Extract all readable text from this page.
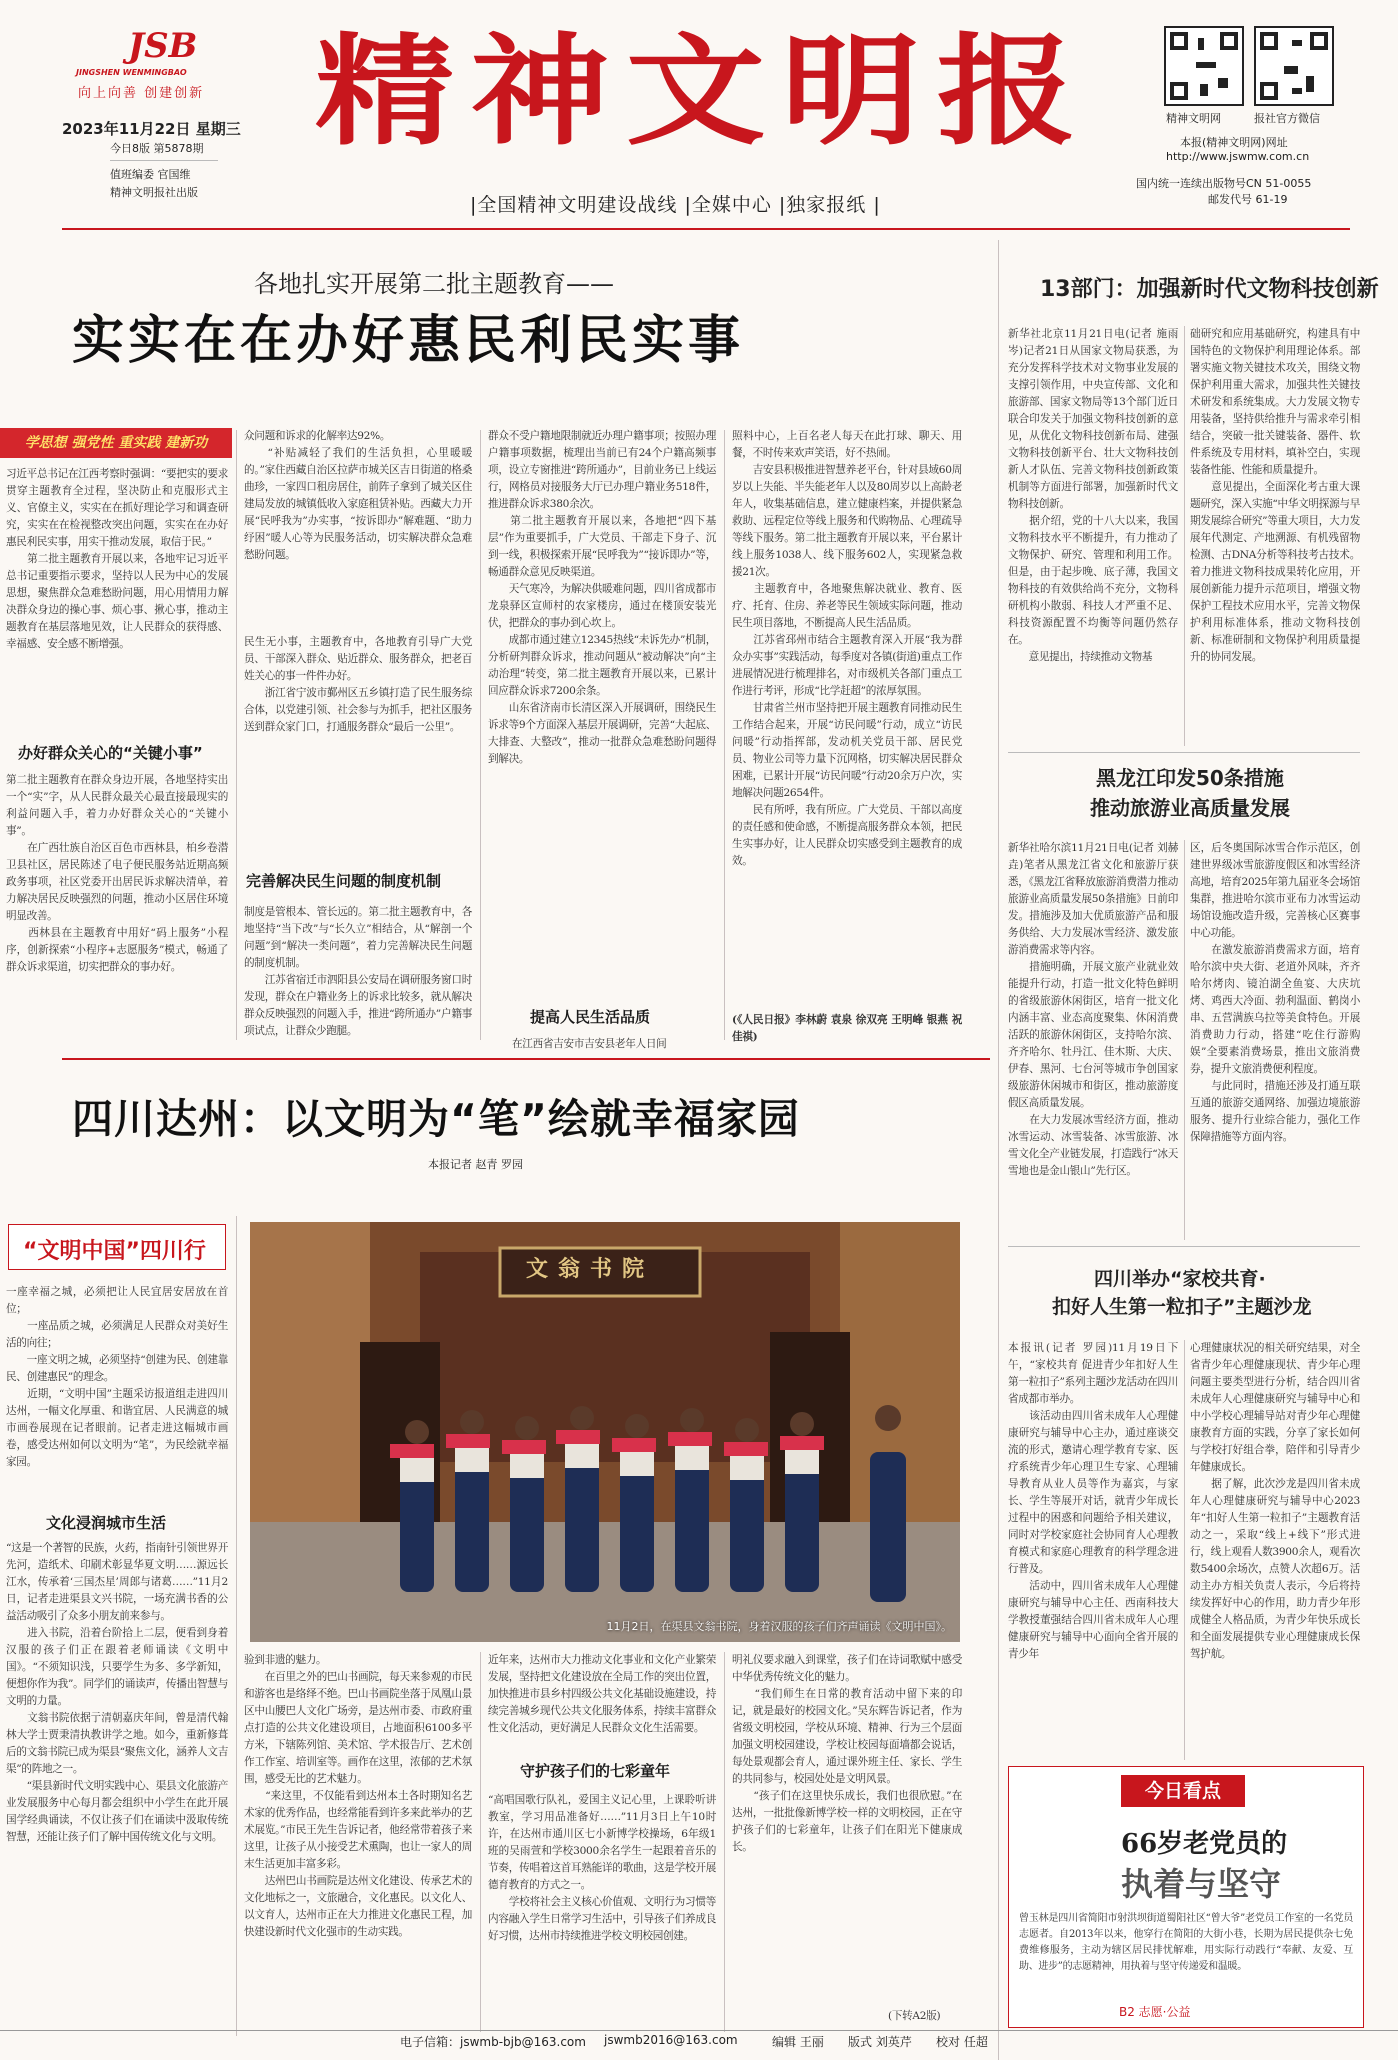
JSB
JINGSHEN WENMINGBAO
向上向善 创建创新 精神文明报
2023年11月22日 星期三
今日8版 第5878期
值班编委 官国维
精神文明报社出版
精神文明网	报社官方微信
本报(精神文明网)网址
http://www.jswmw.com.cn
国内统一连续出版物号CN 51-0055
邮发代号 61-19
|全国精神文明建设战线 |全媒中心 |独家报纸 |
各地扎实开展第二批主题教育——
实实在在办好惠民利民实事
学思想 强党性 重实践 建新功
习近平总书记在江西考察时强调：“要把实的要求贯穿主题教育全过程，坚决防止和克服形式主义、官僚主义，实实在在抓好理论学习和调查研究，实实在在检视整改突出问题，实实在在办好惠民利民实事，用实干推动发展，取信于民。”
　　第二批主题教育开展以来，各地牢记习近平总书记重要指示要求，坚持以人民为中心的发展思想，聚焦群众急难愁盼问题，用心用情用力解决群众身边的操心事、烦心事、揪心事，推动主题教育在基层落地见效，让人民群众的获得感、幸福感、安全感不断增强。
办好群众关心的“关键小事”
第二批主题教育在群众身边开展，各地坚持实出一个“实”字，从人民群众最关心最直接最现实的利益问题入手，着力办好群众关心的“关键小事”。
　　在广西壮族自治区百色市西林县，柏乡卷潜卫县社区，居民陈述了电子便民服务站近期高频政务事项，社区党委开出居民诉求解决清单，着力解决居民反映强烈的问题，推动小区居住环境明显改善。
　　西林县在主题教育中用好“码上服务”小程序，创新探索“小程序+志愿服务”模式，畅通了群众诉求渠道，切实把群众的事办好。
众问题和诉求的化解率达92%。
　　“补贴减轻了我们的生活负担，心里暖暖的。”家住西藏自治区拉萨市城关区吉日街道的格桑曲珍，一家四口租房居住，前阵子拿到了城关区住建局发放的城镇低收入家庭租赁补贴。西藏大力开展“民呼我为”办实事，“按诉即办”解难题、“助力纾困”暖人心等为民服务活动，切实解决群众急难愁盼问题。
民生无小事，主题教育中，各地教育引导广大党员、干部深入群众、贴近群众、服务群众，把老百姓关心的事一件件办好。
　　浙江省宁波市鄞州区五乡镇打造了民生服务综合体，以党建引领、社会参与为抓手，把社区服务送到群众家门口，打通服务群众“最后一公里”。
完善解决民生问题的制度机制
制度是管根本、管长远的。第二批主题教育中，各地坚持“当下改”与“长久立”相结合，从“解剖一个问题”到“解决一类问题”，着力完善解决民生问题的制度机制。
　　江苏省宿迁市泗阳县公安局在调研服务窗口时发现，群众在户籍业务上的诉求比较多，就从解决群众反映强烈的问题入手，推进“跨所通办”户籍事项试点，让群众少跑腿。
群众不受户籍地限制就近办理户籍事项；按照办理户籍事项数据，梳理出当前已有24个户籍高频事项，设立专窗推进“跨所通办”，目前业务已上线运行，网格员对接服务大厅已办理户籍业务518件，推进群众诉求380余次。
　　第二批主题教育开展以来，各地把“四下基层”作为重要抓手，广大党员、干部走下身子、沉到一线，积极探索开展“民呼我为”“接诉即办”等，畅通群众意见反映渠道。
　　天气寒冷，为解决供暖难问题，四川省成都市龙泉驿区宣师村的农家楼房，通过在楼顶安装光伏，把群众的事办到心坎上。
　　成都市通过建立12345热线“未诉先办”机制，分析研判群众诉求，推动问题从“被动解决”向“主动治理”转变，第二批主题教育开展以来，已累计回应群众诉求7200余条。
　　山东省济南市长清区深入开展调研，围绕民生诉求等9个方面深入基层开展调研，完善“大起底、大排查、大整改”，推动一批群众急难愁盼问题得到解决。
提高人民生活品质
在江西省吉安市吉安县老年人日间
照料中心，上百名老人每天在此打球、聊天、用餐，不时传来欢声笑语，好不热闹。
　　吉安县积极推进智慧养老平台，针对县域60周岁以上失能、半失能老年人以及80周岁以上高龄老年人，收集基础信息，建立健康档案，并提供紧急救助、远程定位等线上服务和代购物品、心理疏导等线下服务。第二批主题教育开展以来，平台累计线上服务1038人、线下服务602人，实现紧急救援21次。
　　主题教育中，各地聚焦解决就业、教育、医疗、托育、住房、养老等民生领域实际问题，推动民生项目落地，不断提高人民生活品质。
　　江苏省邳州市结合主题教育深入开展“我为群众办实事”实践活动，每季度对各镇(街道)重点工作进展情况进行梳理排名，对市级机关各部门重点工作进行考评，形成“比学赶超”的浓厚氛围。
　　甘肃省兰州市坚持把开展主题教育同推动民生工作结合起来，开展“访民问暖”行动，成立“访民问暖”行动指挥部，发动机关党员干部、居民党员、物业公司等力量下沉网格，切实解决居民群众困难，已累计开展“访民问暖”行动20余万户次，实地解决问题2654件。
　　民有所呼，我有所应。广大党员、干部以高度的责任感和使命感，不断提高服务群众本领，把民生实事办好，让人民群众切实感受到主题教育的成效。
(《人民日报》李林蔚 袁泉 徐双亮 王明峰 银燕 祝佳祺)
13部门：加强新时代文物科技创新
新华社北京11月21日电(记者 施雨岑)记者21日从国家文物局获悉，为充分发挥科学技术对文物事业发展的支撑引领作用，中央宣传部、文化和旅游部、国家文物局等13个部门近日联合印发关于加强文物科技创新的意见，从优化文物科技创新布局、建强文物科技创新平台、壮大文物科技创新人才队伍、完善文物科技创新政策机制等方面进行部署，加强新时代文物科技创新。
　　据介绍，党的十八大以来，我国文物科技水平不断提升，有力推动了文物保护、研究、管理和利用工作。但是，由于起步晚、底子薄，我国文物科技的有效供给尚不充分，文物科研机构小散弱、科技人才严重不足、科技资源配置不均衡等问题仍然存在。
　　意见提出，持续推动文物基
础研究和应用基础研究，构建具有中国特色的文物保护利用理论体系。部署实施文物关键技术攻关，围绕文物保护利用重大需求，加强共性关键技术研发和系统集成。大力发展文物专用装备，坚持供给推升与需求牵引相结合，突破一批关键装备、器件、软件系统及专用材料，填补空白，实现装备性能、性能和质量提升。
　　意见提出，全面深化考古重大课题研究，深入实施“中华文明探源与早期发展综合研究”等重大项目，大力发展年代测定、产地溯源、有机残留物检测、古DNA分析等科技考古技术。着力推进文物科技成果转化应用，开展创新能力提升示范项目，增强文物保护工程技术应用水平，完善文物保护利用标准体系，推动文物科技创新、标准研制和文物保护利用质量提升的协同发展。
黑龙江印发50条措施
推动旅游业高质量发展
新华社哈尔滨11月21日电(记者 刘赫垚)笔者从黑龙江省文化和旅游厅获悉，《黑龙江省释放旅游消费潜力推动旅游业高质量发展50条措施》日前印发。措施涉及加大优质旅游产品和服务供给、大力发展冰雪经济、激发旅游消费需求等内容。
　　措施明确，开展文旅产业就业效能提升行动，打造一批文化特色鲜明的省级旅游休闲街区，培育一批文化内涵丰富、业态高度聚集、休闲消费活跃的旅游休闲街区，支持哈尔滨、齐齐哈尔、牡丹江、佳木斯、大庆、伊春、黑河、七台河等城市争创国家级旅游休闲城市和街区，推动旅游度假区高质量发展。
　　在大力发展冰雪经济方面，推动冰雪运动、冰雪装备、冰雪旅游、冰雪文化全产业链发展，打造践行“冰天雪地也是金山银山”先行区。
区，后冬奥国际冰雪合作示范区，创建世界级冰雪旅游度假区和冰雪经济高地，培育2025年第九届亚冬会场馆集群，推进哈尔滨市亚布力冰雪运动场馆设施改造升级，完善核心区赛事中心功能。
　　在激发旅游消费需求方面，培育哈尔滨中央大街、老道外风味，齐齐哈尔烤肉、镜泊湖全鱼宴、大庆坑烤、鸡西大冷面、勃利温面、鹤岗小串、五营满族乌拉等美食特色。开展消费助力行动，搭建“吃住行游购娱”全要素消费场景，推出文旅消费券，提升文旅消费便利程度。
　　与此同时，措施还涉及打通互联互通的旅游交通网络、加强边境旅游服务、提升行业综合能力，强化工作保障措施等方面内容。
四川举办“家校共育·
扣好人生第一粒扣子”主题沙龙
本报讯(记者 罗园)11月19日下午，“家校共育 促进青少年扣好人生第一粒扣子”系列主题沙龙活动在四川省成都市举办。
　　该活动由四川省未成年人心理健康研究与辅导中心主办，通过座谈交流的形式，邀请心理学教育专家、医疗系统青少年心理卫生专家、心理辅导教育从业人员等作为嘉宾，与家长、学生等展开对话，就青少年成长过程中的困惑和问题给予相关建议，同时对学校家庭社会协同育人心理教育模式和家庭心理教育的科学理念进行普及。
　　活动中，四川省未成年人心理健康研究与辅导中心主任、西南科技大学教授董强结合四川省未成年人心理健康研究与辅导中心面向全省开展的青少年
心理健康状况的相关研究结果，对全省青少年心理健康现状、青少年心理问题主要类型进行分析，结合四川省未成年人心理健康研究与辅导中心和中小学校心理辅导站对青少年心理健康教育方面的实践，分享了家长如何与学校打好组合拳，陪伴和引导青少年健康成长。
　　据了解，此次沙龙是四川省未成年人心理健康研究与辅导中心2023年“扣好人生第一粒扣子”主题教育活动之一，采取“线上+线下”形式进行，线上观看人数3900余人，观看次数5400余场次，点赞人次超6万。活动主办方相关负责人表示，今后将持续发挥好中心的作用，助力青少年形成健全人格品质，为青少年快乐成长和全面发展提供专业心理健康成长保驾护航。
今日看点
66岁老党员的
执着与坚守
曾玉林是四川省简阳市射洪坝街道蜀阳社区“曾大爷”老党员工作室的一名党员志愿者。自2013年以来，他穿行在简阳的大街小巷，长期为居民提供杂七免费维修服务，主动为辖区居民排忧解难，用实际行动践行“奉献、友爱、互助、进步”的志愿精神，用执着与坚守传递爱和温暖。
B2 志愿·公益
四川达州：以文明为“笔”绘就幸福家园
本报记者 赵青 罗园
“文明中国”四川行
一座幸福之城，必须把让人民宜居安居放在首位；
　　一座品质之城，必须满足人民群众对美好生活的向往；
　　一座文明之城，必须坚持“创建为民、创建靠民、创建惠民”的理念。
　　近期，“文明中国”主题采访报道组走进四川达州，一幅文化厚重、和谐宜居、人民满意的城市画卷展现在记者眼前。记者走进这幅城市画卷，感受达州如何以文明为“笔”，为民绘就幸福家园。
文化浸润城市生活
“这是一个著智的民族，火药，指南针引领世界开先河，造纸术、印刷术彰显华夏文明……源远长江水，传承着‘三国杰星’周郎与诸葛……”11月2日，记者走进渠县文兴书院，一场充满书香的公益活动吸引了众多小朋友前来参与。
　　进入书院，沿着台阶拾上二层，便看到身着汉服的孩子们正在跟着老师诵读《文明中国》。“不须知识浅，只要学生为多、多学新知，便想你作为我”。同学们的诵读声，传播出智慧与文明的力量。
　　文翁书院依据亍清朝嘉庆年间，曾是清代翰林大学士贾秉清执教讲学之地。如今，重新修葺后的文翁书院已成为渠县“聚焦文化，涵养人文吉渠”的阵地之一。
　　“渠县新时代文明实践中心、渠县文化旅游产业发展服务中心每月都会组织中小学生在此开展国学经典诵读，不仅让孩子们在诵读中汲取传统智慧，还能让孩子们了解中国传统文化与文明。
文翁书院
11月2日，在渠县文翁书院，身着汉服的孩子们齐声诵读《文明中国》。
验到非遗的魅力。
　　在百里之外的巴山书画院，每天来参观的市民和游客也是络绎不绝。巴山书画院坐落于凤凰山景区中山腰巴人文化广场旁，是达州市委、市政府重点打造的公共文化建设项目，占地面积6100多平方米，下辖陈列馆、美术馆、学术报告厅、艺术创作工作室、培训室等。画作在这里，浓郁的艺术氛围，感受无比的艺术魅力。
　　“来这里，不仅能看到达州本土各时期知名艺术家的优秀作品，也经常能看到许多来此举办的艺术展览。”市民王先生告诉记者，他经常带着孩子来这里，让孩子从小接受艺术熏陶，也让一家人的周末生活更加丰富多彩。
　　达州巴山书画院是达州文化建设、传承艺术的文化地标之一，文旅融合，文化惠民。以文化人、以文育人，达州市正在大力推进文化惠民工程，加快建设新时代文化强市的生动实践。
近年来，达州市大力推动文化事业和文化产业繁荣发展，坚持把文化建设放在全局工作的突出位置，加快推进市县乡村四级公共文化基础设施建设，持续完善城乡现代公共文化服务体系，持续丰富群众性文化活动，更好满足人民群众文化生活需要。
守护孩子们的七彩童年
“高唱国歌行队礼，爱国主义记心里，上课聆听讲教室，学习用品准备好……”11月3日上午10时许，在达州市通川区七小新博学校操场，6年级1班的吴雨萱和学校3000余名学生一起跟着音乐的节奏，传唱着这首耳熟能详的歌曲，这是学校开展德育教育的方式之一。
　　学校将社会主义核心价值观、文明行为习惯等内容融入学生日常学习生活中，引导孩子们养成良好习惯，达州市持续推进学校文明校园创建。
明礼仪要求融入到课堂，孩子们在诗词歌赋中感受中华优秀传统文化的魅力。
　　“我们师生在日常的教育活动中留下来的印记，就是最好的校园文化。”吴东辉告诉记者，作为省级文明校园，学校从环境、精神、行为三个层面加强文明校园建设，学校让校园每面墙都会说话，每处景观都会育人，通过课外班主任、家长、学生的共同参与，校园处处是文明风景。
　　“孩子们在这里快乐成长，我们也很欣慰。”在达州，一批批像新博学校一样的文明校园，正在守护孩子们的七彩童年，让孩子们在阳光下健康成长。
(下转A2版)
电子信箱：jswmb-bjb@163.com jswmb2016@163.com	编辑 王丽 版式 刘英芹 校对 任超
